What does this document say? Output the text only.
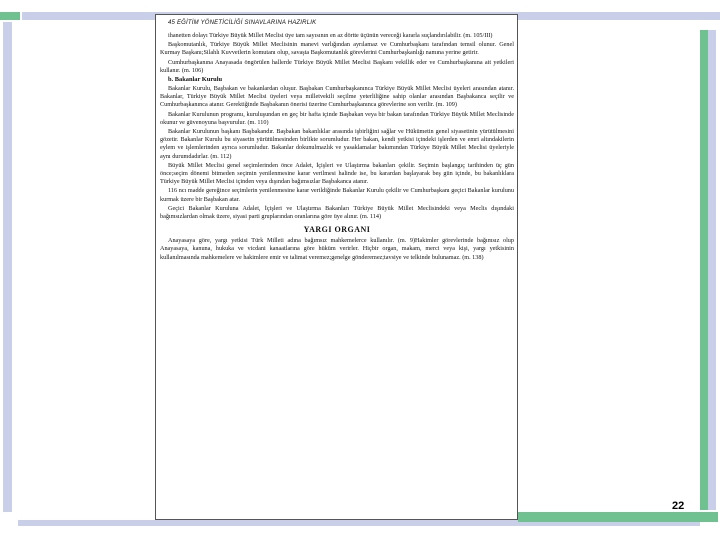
45 EĞİTİM YÖNETİCİLİĞİ SINAVLARINA HAZIRLIK

ihanetten dolayı Türkiye Büyük Millet Meclisi üye tam sayısının en az dörtte üçünün vereceği kararla suçlandırılabilir. (m. 105/III)

Başkomutanlık, Türkiye Büyük Millet Meclisinin manevi varlığından ayrılamaz ve Cumhurbaşkanı tarafından temsil olunur. Genel Kurmay Başkanı;Silahlı Kuvvetlerin komutanı olup, savaşta Başkomutanlık görevlerini Cumhurbaşkanlığı namına yerine getirir.

Cumhurbaşkanına Anayasada öngörülen hallerde Türkiye Büyük Millet Meclisi Başkanı vekillik eder ve Cumhurbaşkanına ait yetkileri kullanır. (m. 106)

b. Bakanlar Kurulu

Bakanlar Kurulu, Başbakan ve bakanlardan oluşur. Başbakan Cumhurbaşkanınca Türkiye Büyük Millet Meclisi üyeleri arasından atanır. Bakanlar, Türkiye Büyük Millet Meclisi üyeleri veya milletvekili seçilme yeterliliğine sahip olanlar arasından Başbakanca seçilir ve Cumhurbaşkanınca atanır. Gerektiğinde Başbakanın önerisi üzerine Cumhurbaşkanınca görevlerine son verilir. (m. 109)

Bakanlar Kurulunun programı, kuruluşundan en geç bir hafta içinde Başbakan veya bir bakan tarafından Türkiye Büyük Millet Meclisinde okunur ve güvenoyuna başvurulur. (m. 110)

Bakanlar Kurulunun başkanı Başbakandır. Başbakan bakanlıklar arasında işbirliğini sağlar ve Hükümetin genel siyasetinin yürütülmesini gözetir. Bakanlar Kurulu bu siyasetin yürütülmesinden birlikte sorumludur. Her bakan, kendi yetkisi içindeki işlerden ve emri altındakilerin eylem ve işlemlerinden ayrıca sorumludur. Bakanlar dokunulmazlık ve yasaklamalar bakımından Türkiye Büyük Millet Meclisi üyeleriyle aynı durumdadırlar. (m. 112)

Büyük Millet Meclisi genel seçimlerinden önce Adalet, İçişleri ve Ulaştırma bakanları çekilir. Seçimin başlangıç tarihinden üç gün önce;seçim dönemi bitmeden seçimin yenilenmesine karar verilmesi halinde ise, bu karardan başlayarak beş gün içinde, bu bakanlıklara Türkiye Büyük Millet Meclisi içinden veya dışından bağımsızlar Başbakanca atanır.

116 ncı madde gereğince seçimlerin yenilenmesine karar verildiğinde Bakanlar Kurulu çekilir ve Cumhurbaşkanı geçici Bakanlar kurulunu kurmak üzere bir Başbakan atar.

Geçici Bakanlar Kuruluna Adalet, İçişleri ve Ulaştırma Bakanları Türkiye Büyük Millet Meclisindeki veya Meclis dışındaki bağımsızlardan olmak üzere, siyasi parti gruplarından oranlarına göre üye alınır. (m. 114)

YARGI ORGANI

Anayasaya göre, yargı yetkisi Türk Milleti adına bağımsız mahkemelerce kullanılır. (m. 9)Hakimler görevlerinde bağımsız olup Anayasaya, kanuna, hukuka ve vicdani kanaatlarına göre hüküm verirler. Hiçbir organ, makam, merci veya kişi, yargı yetkisinin kullanılmasında mahkemelere ve hakimlere emir ve talimat veremez;genelge gönderemez;tavsiye ve telkinde bulunamaz. (m. 138)

22
